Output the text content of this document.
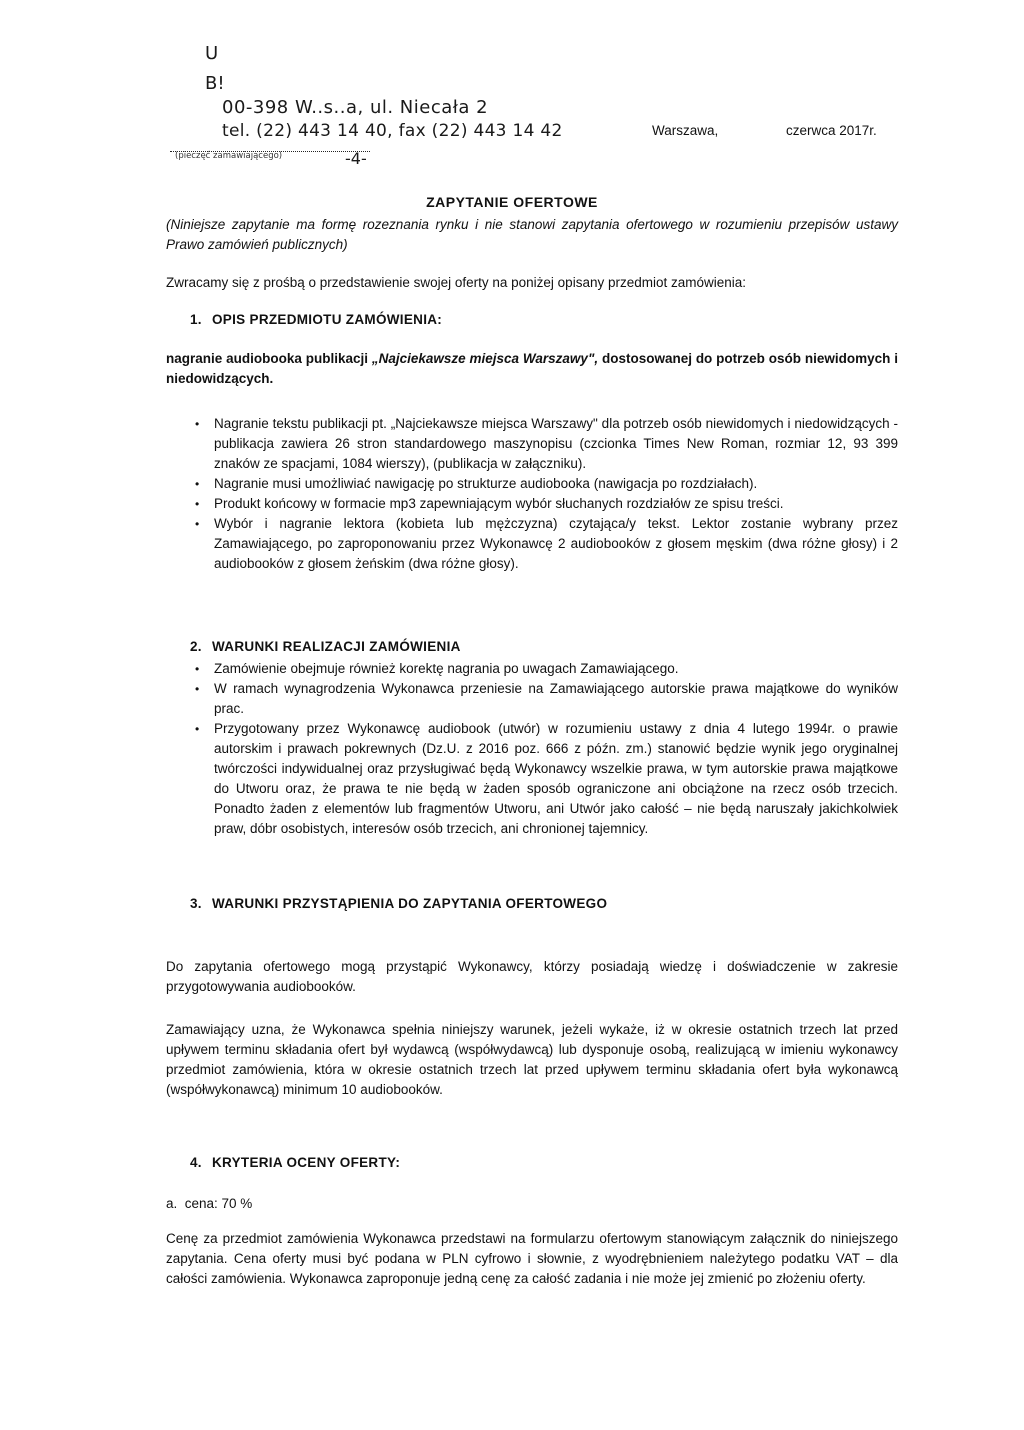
U
B!
00-398 W..s..a, ul. Niecała 2
tel. (22) 443 14 40, fax (22) 443 14 42
(pieczęć zamawiającego)	-4-
Warszawa,	czerwca 2017r.
ZAPYTANIE OFERTOWE
(Niniejsze zapytanie ma formę rozeznania rynku i nie stanowi zapytania ofertowego w rozumieniu przepisów ustawy Prawo zamówień publicznych)
Zwracamy się z prośbą o przedstawienie swojej oferty na poniżej opisany przedmiot zamówienia:
1. OPIS PRZEDMIOTU ZAMÓWIENIA:
nagranie audiobooka publikacji „Najciekawsze miejsca Warszawy", dostosowanej do potrzeb osób niewidomych i niedowidzących.
• Nagranie tekstu publikacji pt. „Najciekawsze miejsca Warszawy" dla potrzeb osób niewidomych i niedowidzących - publikacja zawiera 26 stron standardowego maszynopisu (czcionka Times New Roman, rozmiar 12, 93 399 znaków ze spacjami, 1084 wierszy), (publikacja w załączniku).
• Nagranie musi umożliwiać nawigację po strukturze audiobooka (nawigacja po rozdziałach).
• Produkt końcowy w formacie mp3 zapewniającym wybór słuchanych rozdziałów ze spisu treści.
• Wybór i nagranie lektora (kobieta lub mężczyzna) czytająca/y tekst. Lektor zostanie wybrany przez Zamawiającego, po zaproponowaniu przez Wykonawcę 2 audiobooków z głosem męskim (dwa różne głosy) i 2 audiobooków z głosem żeńskim (dwa różne głosy).
2. WARUNKI REALIZACJI ZAMÓWIENIA
• Zamówienie obejmuje również korektę nagrania po uwagach Zamawiającego.
• W ramach wynagrodzenia Wykonawca przeniesie na Zamawiającego autorskie prawa majątkowe do wyników prac.
• Przygotowany przez Wykonawcę audiobook (utwór) w rozumieniu ustawy z dnia 4 lutego 1994r. o prawie autorskim i prawach pokrewnych (Dz.U. z 2016 poz. 666 z późn. zm.) stanowić będzie wynik jego oryginalnej twórczości indywidualnej oraz przysługiwać będą Wykonawcy wszelkie prawa, w tym autorskie prawa majątkowe do Utworu oraz, że prawa te nie będą w żaden sposób ograniczone ani obciążone na rzecz osób trzecich. Ponadto żaden z elementów lub fragmentów Utworu, ani Utwór jako całość – nie będą naruszały jakichkolwiek praw, dóbr osobistych, interesów osób trzecich, ani chronionej tajemnicy.
3. WARUNKI PRZYSTĄPIENIA DO ZAPYTANIA OFERTOWEGO
Do zapytania ofertowego mogą przystąpić Wykonawcy, którzy posiadają wiedzę i doświadczenie w zakresie przygotowywania audiobooków.
Zamawiający uzna, że Wykonawca spełnia niniejszy warunek, jeżeli wykaże, iż w okresie ostatnich trzech lat przed upływem terminu składania ofert był wydawcą (współwydawcą) lub dysponuje osobą, realizującą w imieniu wykonawcy przedmiot zamówienia, która w okresie ostatnich trzech lat przed upływem terminu składania ofert była wykonawcą (współwykonawcą) minimum 10 audiobooków.
4. KRYTERIA OCENY OFERTY:
a.  cena: 70 %
Cenę za przedmiot zamówienia Wykonawca przedstawi na formularzu ofertowym stanowiącym załącznik do niniejszego zapytania. Cena oferty musi być podana w PLN cyfrowo i słownie, z wyodrębnieniem należytego podatku VAT – dla całości zamówienia. Wykonawca zaproponuje jedną cenę za całość zadania i nie może jej zmienić po złożeniu oferty.
